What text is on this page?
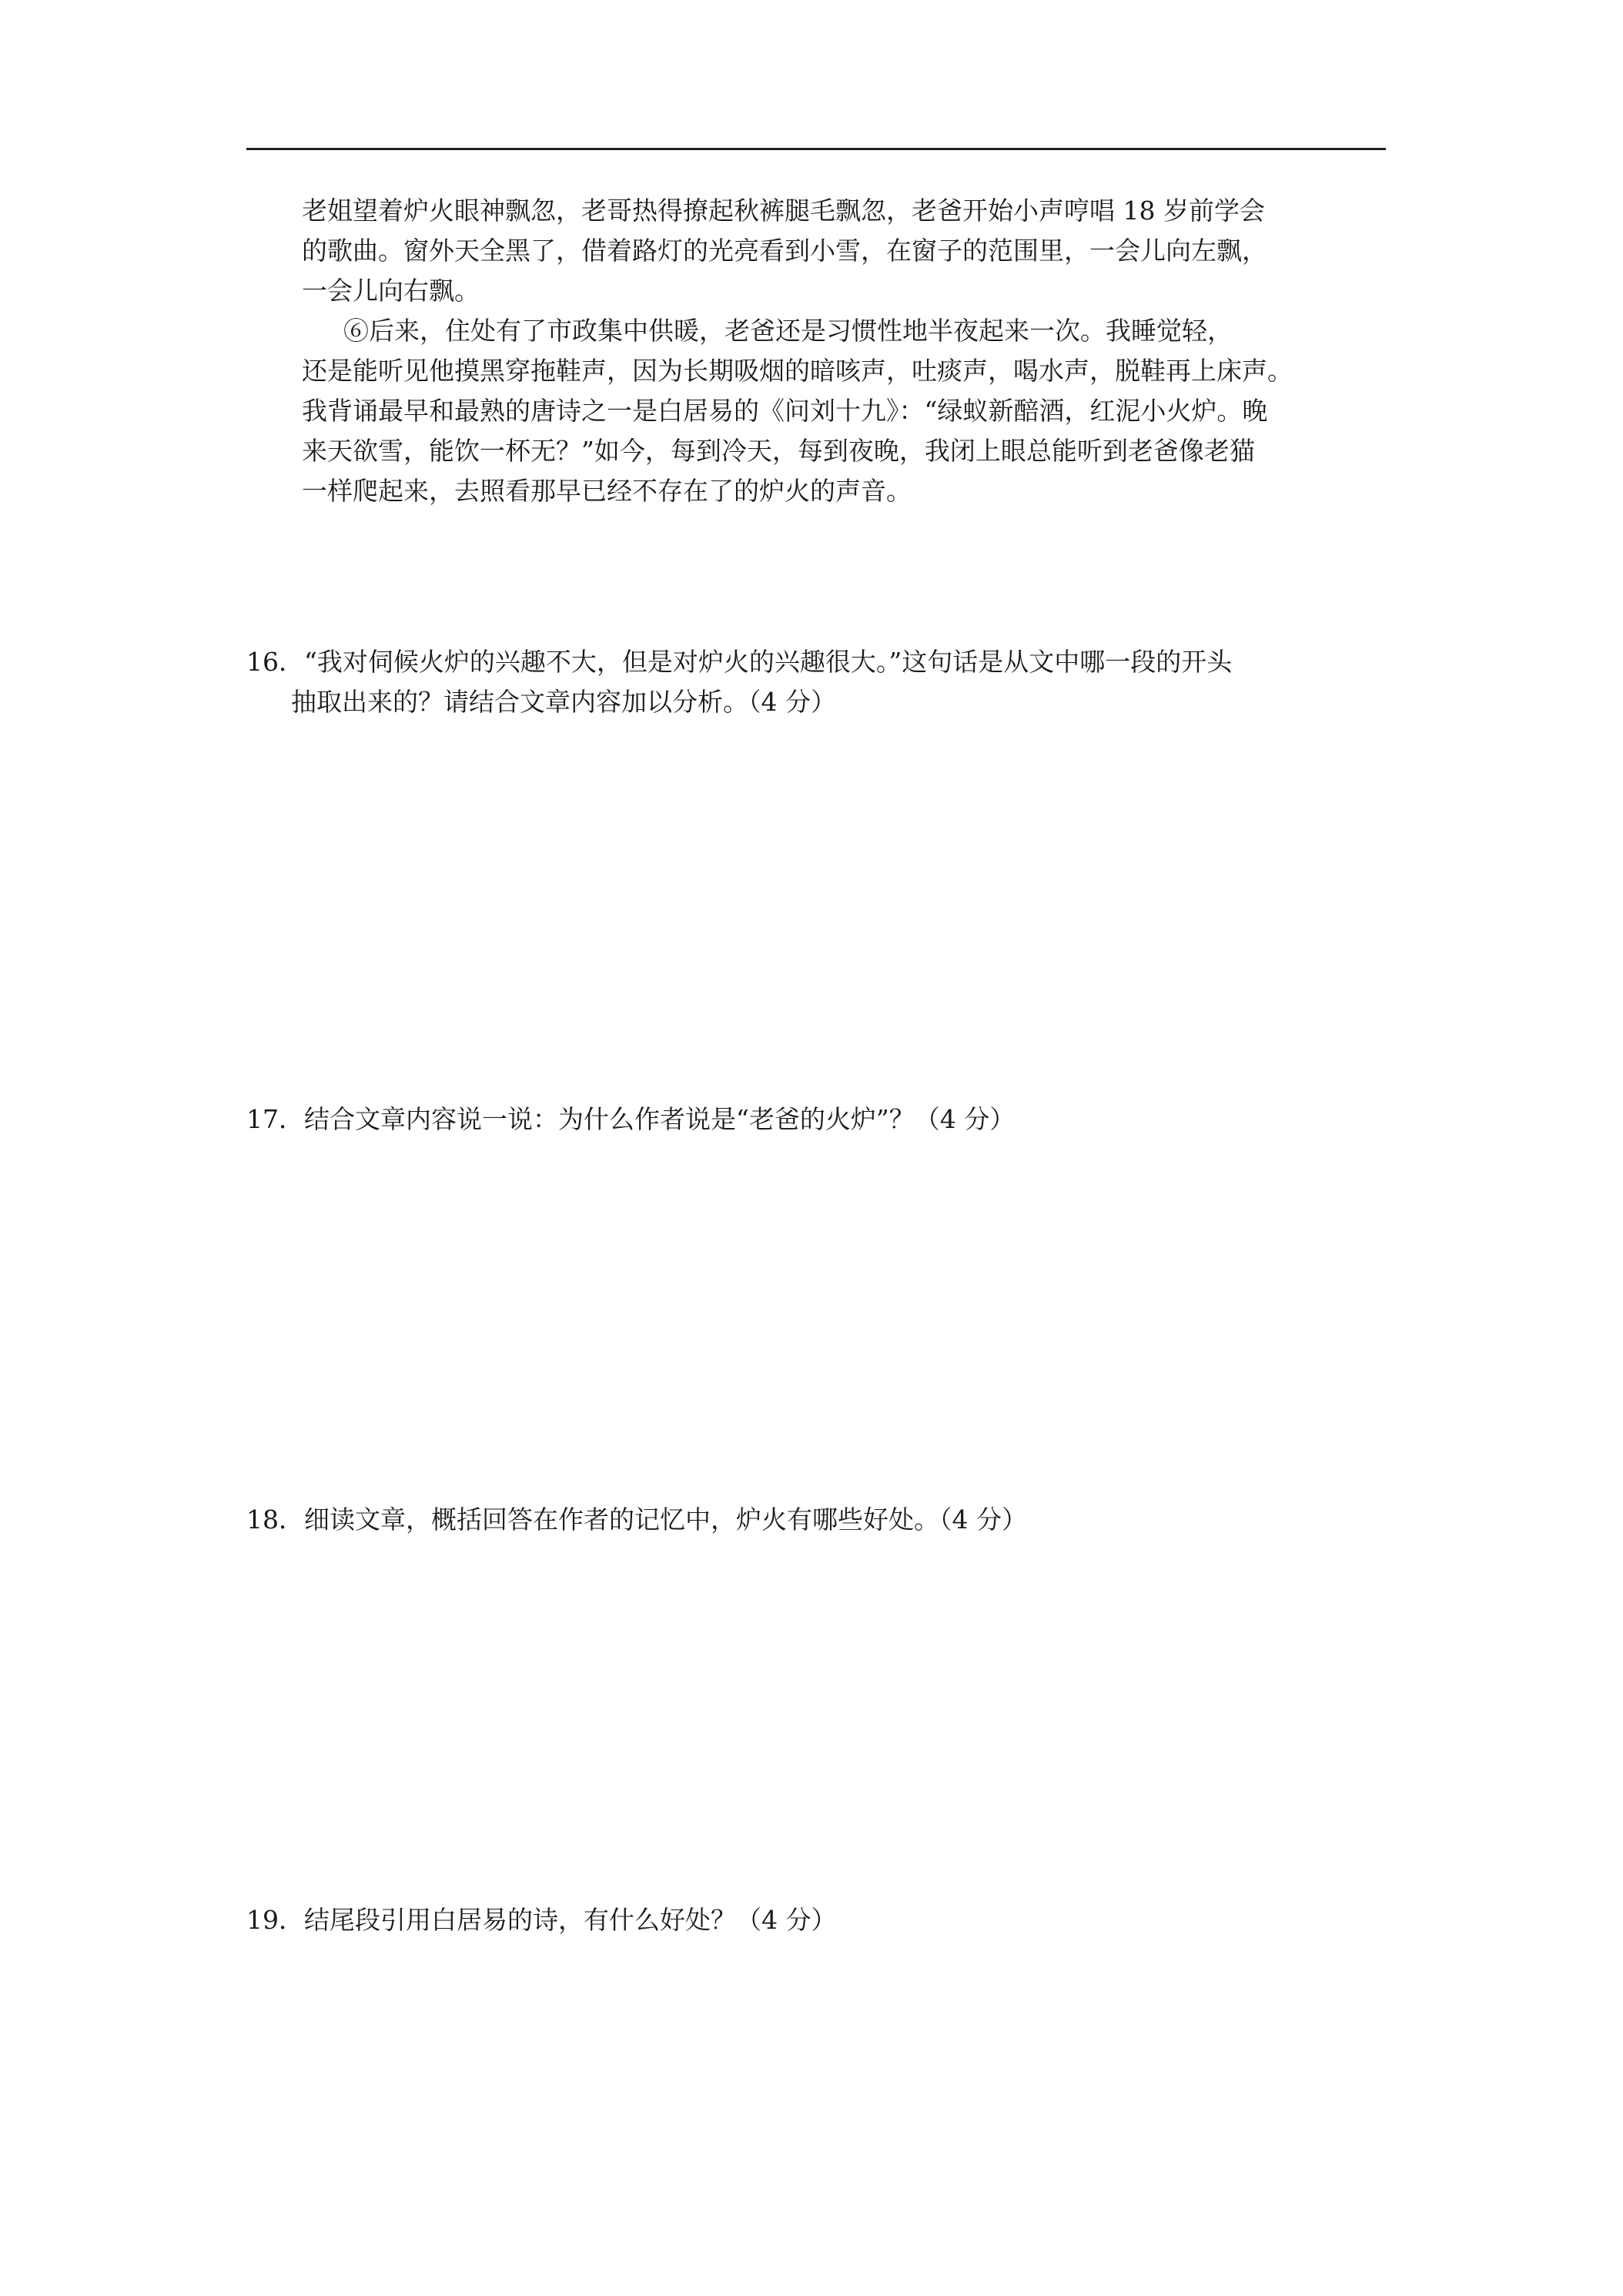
老姐望着炉火眼神飘忽，老哥热得撩起秋裤腿毛飘忽，老爸开始小声哼唱 18 岁前学会
的歌曲。窗外天全黑了，借着路灯的光亮看到小雪，在窗子的范围里，一会儿向左飘，
一会儿向右飘。
⑥后来，住处有了市政集中供暖，老爸还是习惯性地半夜起来一次。我睡觉轻，
还是能听见他摸黑穿拖鞋声，因为长期吸烟的暗咳声，吐痰声，喝水声，脱鞋再上床声。
我背诵最早和最熟的唐诗之一是白居易的《问刘十九》：“绿蚁新醅酒，红泥小火炉。晚
来天欲雪，能饮一杯无？”如今，每到冷天，每到夜晚，我闭上眼总能听到老爸像老猫
一样爬起来，去照看那早已经不存在了的炉火的声音。
16．“我对伺候火炉的兴趣不大，但是对炉火的兴趣很大。”这句话是从文中哪一段的开头
抽取出来的？请结合文章内容加以分析。（4 分）
17．结合文章内容说一说：为什么作者说是“老爸的火炉”？（4 分）
18．细读文章，概括回答在作者的记忆中，炉火有哪些好处。（4 分）
19．结尾段引用白居易的诗，有什么好处？（4 分）
